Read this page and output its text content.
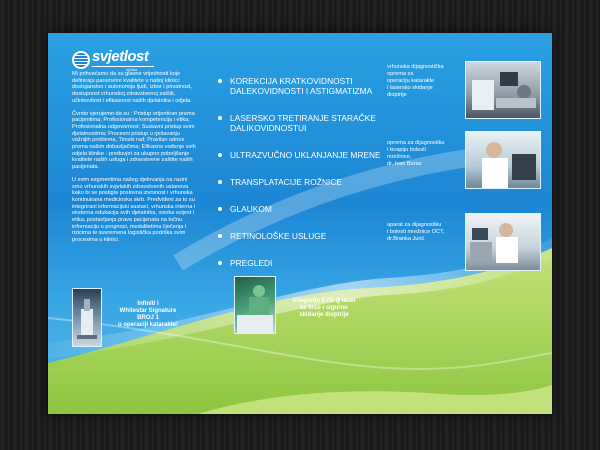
svjetlost
klinika

Mi prihvaćamo da su glavne vrijednosti koje definiraju parametre kvalitete u našoj klinici: dostojanstvo i autonomija ljudi, izbor i privatnost, dostupnost vrhunskoj zdravstvenoj zaštiti, učinkovitost i efikasnost naših djelatnika i odjela.

Čvrsto vjerujemo da su : Pristup orijentiran prema pacijentima; Profesionalna kompetencija i etika; Profesionalna odgovornost; Sustavni pristup svim djelatnostima; Procesni pristup u rješavanju važnijih problema, Timski rad; Pravilan odnos prema našim dobavljačima; Efikasno vođenje svih odjela klinike - preduvjet za ukupno poboljšanje kvalitete naših usluga i zdravstvene zaštite naših pacijenata.

U svim segmentima našeg djelovanja na razini smo vrhunskih svjetskih zdravstvenih ustanova kako bi se postigla poslovna izvrsnost i vrhunska kontinuirana medicinska skrb. Predviđeni za to su integrirani informacijski sustavi, vrhunska interna i eksterna edukacija svih djelatnika, visoka svijest i etika, postavljanja prava pacijenata na točnu informaciju o prognozi, modalitetima liječenja i rizicima te suvremena logistička podrška svim procesima u klinici.

KOREKCIJA KRATKOVIDNOSTI DALEKOVIDNOSTI I ASTIGMATIZMA
LASERSKO TRETIRANJE STARAČKE DALIKOVIDNOSTUI
ULTRAZVUČNO UKLANJANJE MRENE
TRANSPLATACIJE ROŽNICE
GLAUKOM
RETINOLOŠKE USLUGE
PREGLEDI
Infiniti i
Whitestar Signature
BROJ 1
u operacijI katarakte!
Allegretto EYE Q laser
za brzo i sigurno
skidanje dioptrije
vrhunska dijagnostička
oprema za
operaciju katarakte
i lasersko skidanje
dioptrije
oprema za dijagnostiku
i terapiju bolesti
mrežnice,
dr. Ivan Boras
aparat za dijagnostiku
i bolesti mrežnice OCT,
dr.Branka Jurić
